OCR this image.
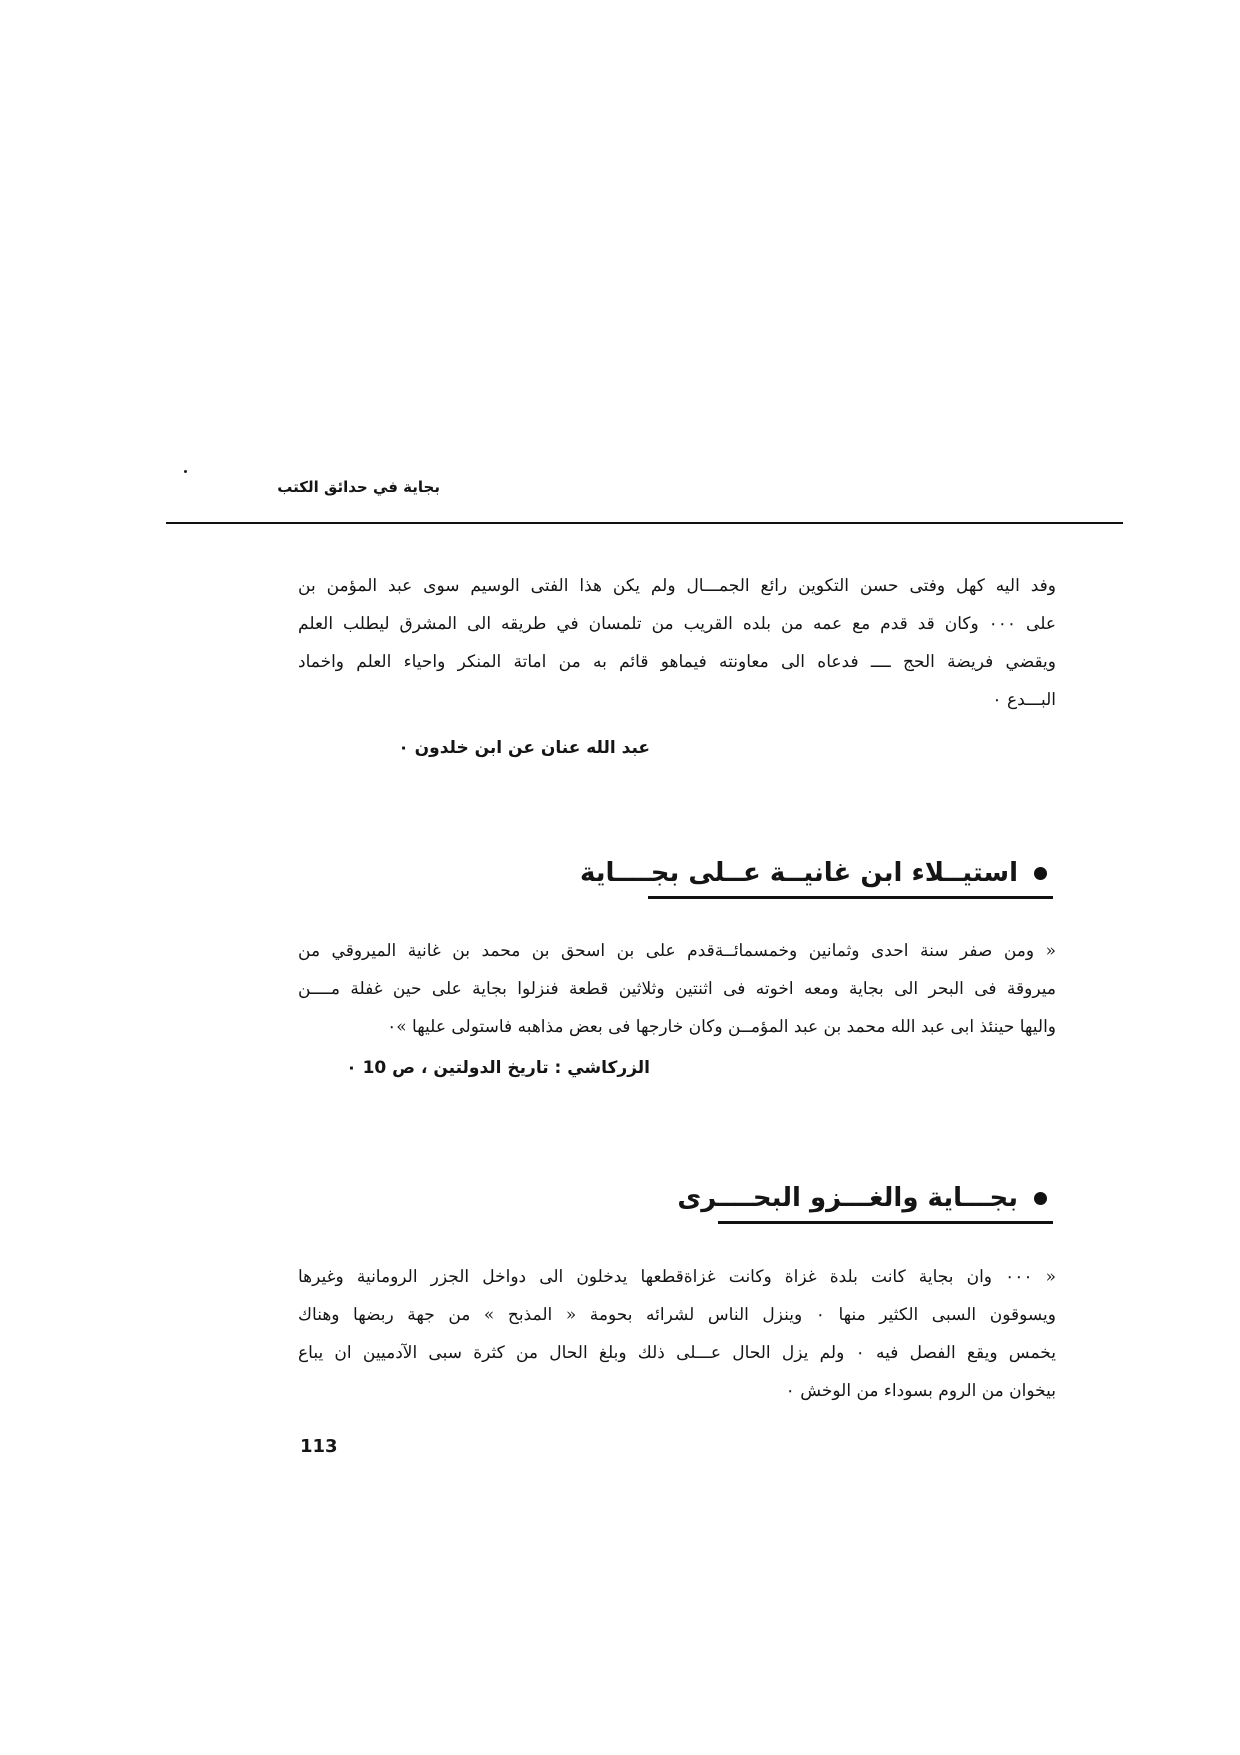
بجاية في حدائق الكتب
وفد اليه كهل وفتى حسن التكوين رائع الجمـــال ولم يكن هذا الفتى الوسيم سوى عبد المؤمن بن
على ٠٠٠ وكان قد قدم مع عمه من بلده القريب من تلمسان في طريقه الى المشرق ليطلب العلم
ويقضي فريضة الحج ــــ فدعاه الى معاونته فيماهو قائم به من اماتة المنكر واحياء العلم واخماد
البـــدع ٠
عبد الله عنان عن ابن خلدون ٠
استيــلاء ابن غانيــة عــلى بجــــاية
« ومن صفر سنة احدى وثمانين وخمسمائــةقدم على بن اسحق بن محمد بن غانية الميروقي من
ميروقة فى البحر الى بجاية ومعه اخوته فى اثنتين وثلاثين قطعة فنزلوا بجاية على حين غفلة مــــن
واليها حينئذ ابى عبد الله محمد بن عبد المؤمــن وكان خارجها فى بعض مذاهبه فاستولى عليها »٠
الزركاشي : تاريخ الدولتين ، ص 10 ٠
بجـــاية والغـــزو البحــــرى
« ٠٠٠ وان بجاية كانت بلدة غزاة وكانت غزاةقطعها يدخلون الى دواخل الجزر الرومانية وغيرها
ويسوقون السبى الكثير منها ٠ وينزل الناس لشرائه بحومة « المذبح » من جهة ربضها وهناك
يخمس ويقع الفصل فيه ٠ ولم يزل الحال عـــلى ذلك وبلغ الحال من كثرة سبى الآدميين ان يباع
بيخوان من الروم بسوداء من الوخش ٠
113
